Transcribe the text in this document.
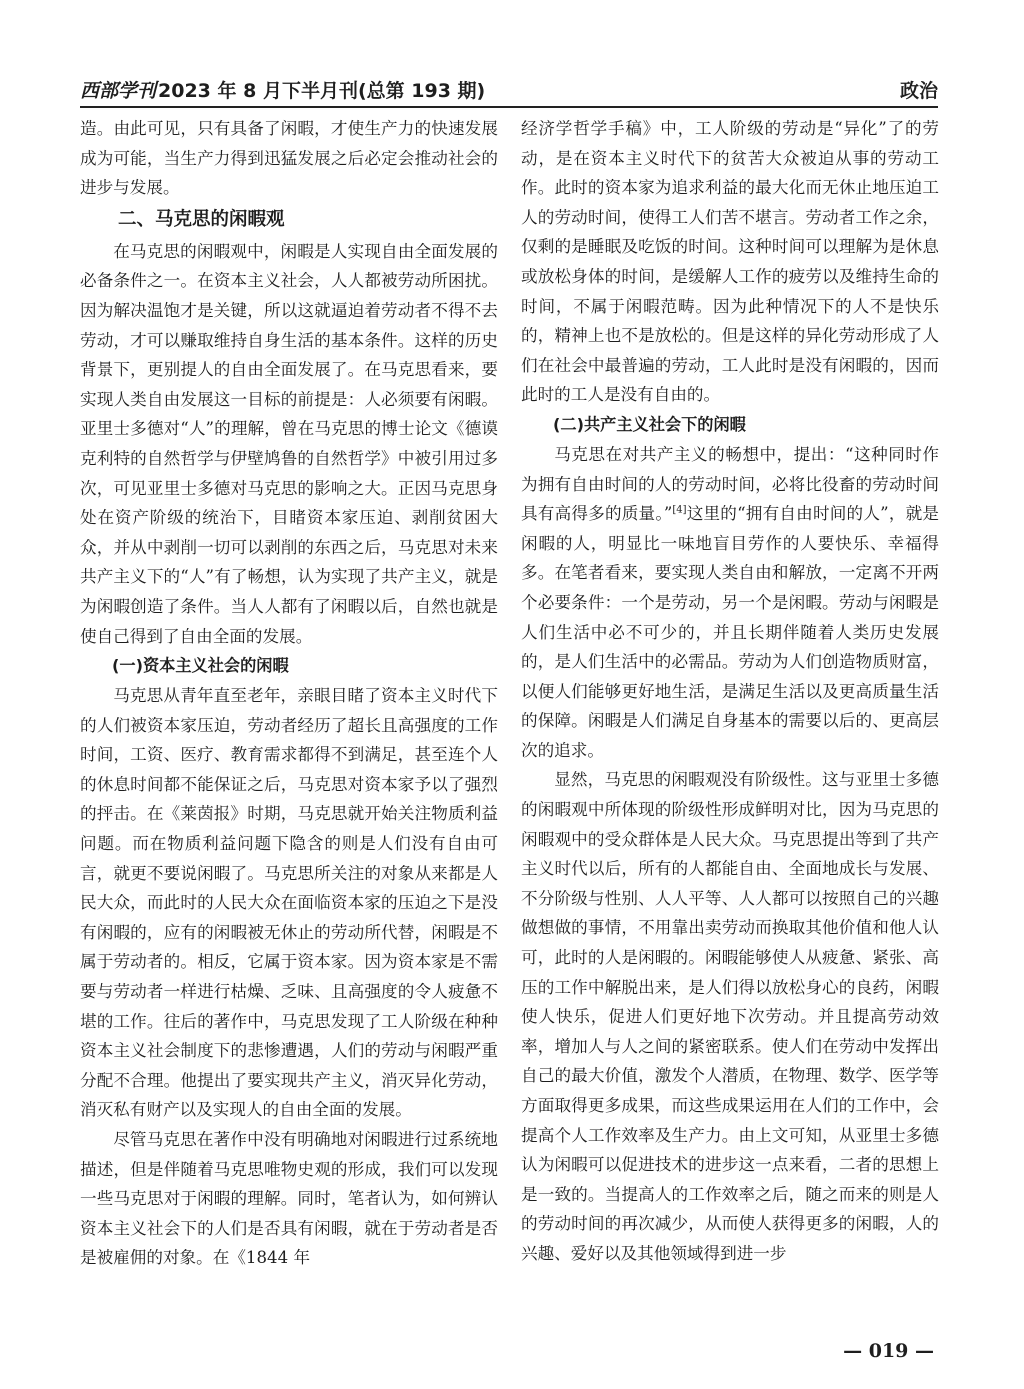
西部学刊 2023 年 8 月下半月刊(总第 193 期)	政治

造。由此可见，只有具备了闲暇，才使生产力的快速发展成为可能，当生产力得到迅猛发展之后必定会推动社会的进步与发展。

二、马克思的闲暇观

在马克思的闲暇观中，闲暇是人实现自由全面发展的必备条件之一。在资本主义社会，人人都被劳动所困扰。因为解决温饱才是关键，所以这就逼迫着劳动者不得不去劳动，才可以赚取维持自身生活的基本条件。这样的历史背景下，更别提人的自由全面发展了。在马克思看来，要实现人类自由发展这一目标的前提是：人必须要有闲暇。亚里士多德对“人”的理解，曾在马克思的博士论文《德谟克利特的自然哲学与伊壁鸠鲁的自然哲学》中被引用过多次，可见亚里士多德对马克思的影响之大。正因马克思身处在资产阶级的统治下，目睹资本家压迫、剥削贫困大众，并从中剥削一切可以剥削的东西之后，马克思对未来共产主义下的“人”有了畅想，认为实现了共产主义，就是为闲暇创造了条件。当人人都有了闲暇以后，自然也就是使自己得到了自由全面的发展。

(一)资本主义社会的闲暇

马克思从青年直至老年，亲眼目睹了资本主义时代下的人们被资本家压迫，劳动者经历了超长且高强度的工作时间，工资、医疗、教育需求都得不到满足，甚至连个人的休息时间都不能保证之后，马克思对资本家予以了强烈的抨击。在《莱茵报》时期，马克思就开始关注物质利益问题。而在物质利益问题下隐含的则是人们没有自由可言，就更不要说闲暇了。马克思所关注的对象从来都是人民大众，而此时的人民大众在面临资本家的压迫之下是没有闲暇的，应有的闲暇被无休止的劳动所代替，闲暇是不属于劳动者的。相反，它属于资本家。因为资本家是不需要与劳动者一样进行枯燥、乏味、且高强度的令人疲惫不堪的工作。往后的著作中，马克思发现了工人阶级在种种资本主义社会制度下的悲惨遭遇，人们的劳动与闲暇严重分配不合理。他提出了要实现共产主义，消灭异化劳动，消灭私有财产以及实现人的自由全面的发展。

尽管马克思在著作中没有明确地对闲暇进行过系统地描述，但是伴随着马克思唯物史观的形成，我们可以发现一些马克思对于闲暇的理解。同时，笔者认为，如何辨认资本主义社会下的人们是否具有闲暇，就在于劳动者是否是被雇佣的对象。在《1844 年

经济学哲学手稿》中，工人阶级的劳动是“异化”了的劳动，是在资本主义时代下的贫苦大众被迫从事的劳动工作。此时的资本家为追求利益的最大化而无休止地压迫工人的劳动时间，使得工人们苦不堪言。劳动者工作之余，仅剩的是睡眠及吃饭的时间。这种时间可以理解为是休息或放松身体的时间，是缓解人工作的疲劳以及维持生命的时间，不属于闲暇范畴。因为此种情况下的人不是快乐的，精神上也不是放松的。但是这样的异化劳动形成了人们在社会中最普遍的劳动，工人此时是没有闲暇的，因而此时的工人是没有自由的。

(二)共产主义社会下的闲暇

马克思在对共产主义的畅想中，提出：“这种同时作为拥有自由时间的人的劳动时间，必将比役畜的劳动时间具有高得多的质量。”[4]这里的“拥有自由时间的人”，就是闲暇的人，明显比一味地盲目劳作的人要快乐、幸福得多。在笔者看来，要实现人类自由和解放，一定离不开两个必要条件：一个是劳动，另一个是闲暇。劳动与闲暇是人们生活中必不可少的，并且长期伴随着人类历史发展的，是人们生活中的必需品。劳动为人们创造物质财富，以便人们能够更好地生活，是满足生活以及更高质量生活的保障。闲暇是人们满足自身基本的需要以后的、更高层次的追求。

显然，马克思的闲暇观没有阶级性。这与亚里士多德的闲暇观中所体现的阶级性形成鲜明对比，因为马克思的闲暇观中的受众群体是人民大众。马克思提出等到了共产主义时代以后，所有的人都能自由、全面地成长与发展、不分阶级与性别、人人平等、人人都可以按照自己的兴趣做想做的事情，不用靠出卖劳动而换取其他价值和他人认可，此时的人是闲暇的。闲暇能够使人从疲惫、紧张、高压的工作中解脱出来，是人们得以放松身心的良药，闲暇使人快乐，促进人们更好地下次劳动。并且提高劳动效率，增加人与人之间的紧密联系。使人们在劳动中发挥出自己的最大价值，激发个人潜质，在物理、数学、医学等方面取得更多成果，而这些成果运用在人们的工作中，会提高个人工作效率及生产力。由上文可知，从亚里士多德认为闲暇可以促进技术的进步这一点来看，二者的思想上是一致的。当提高人的工作效率之后，随之而来的则是人的劳动时间的再次减少，从而使人获得更多的闲暇，人的兴趣、爱好以及其他领域得到进一步

— 019 —
